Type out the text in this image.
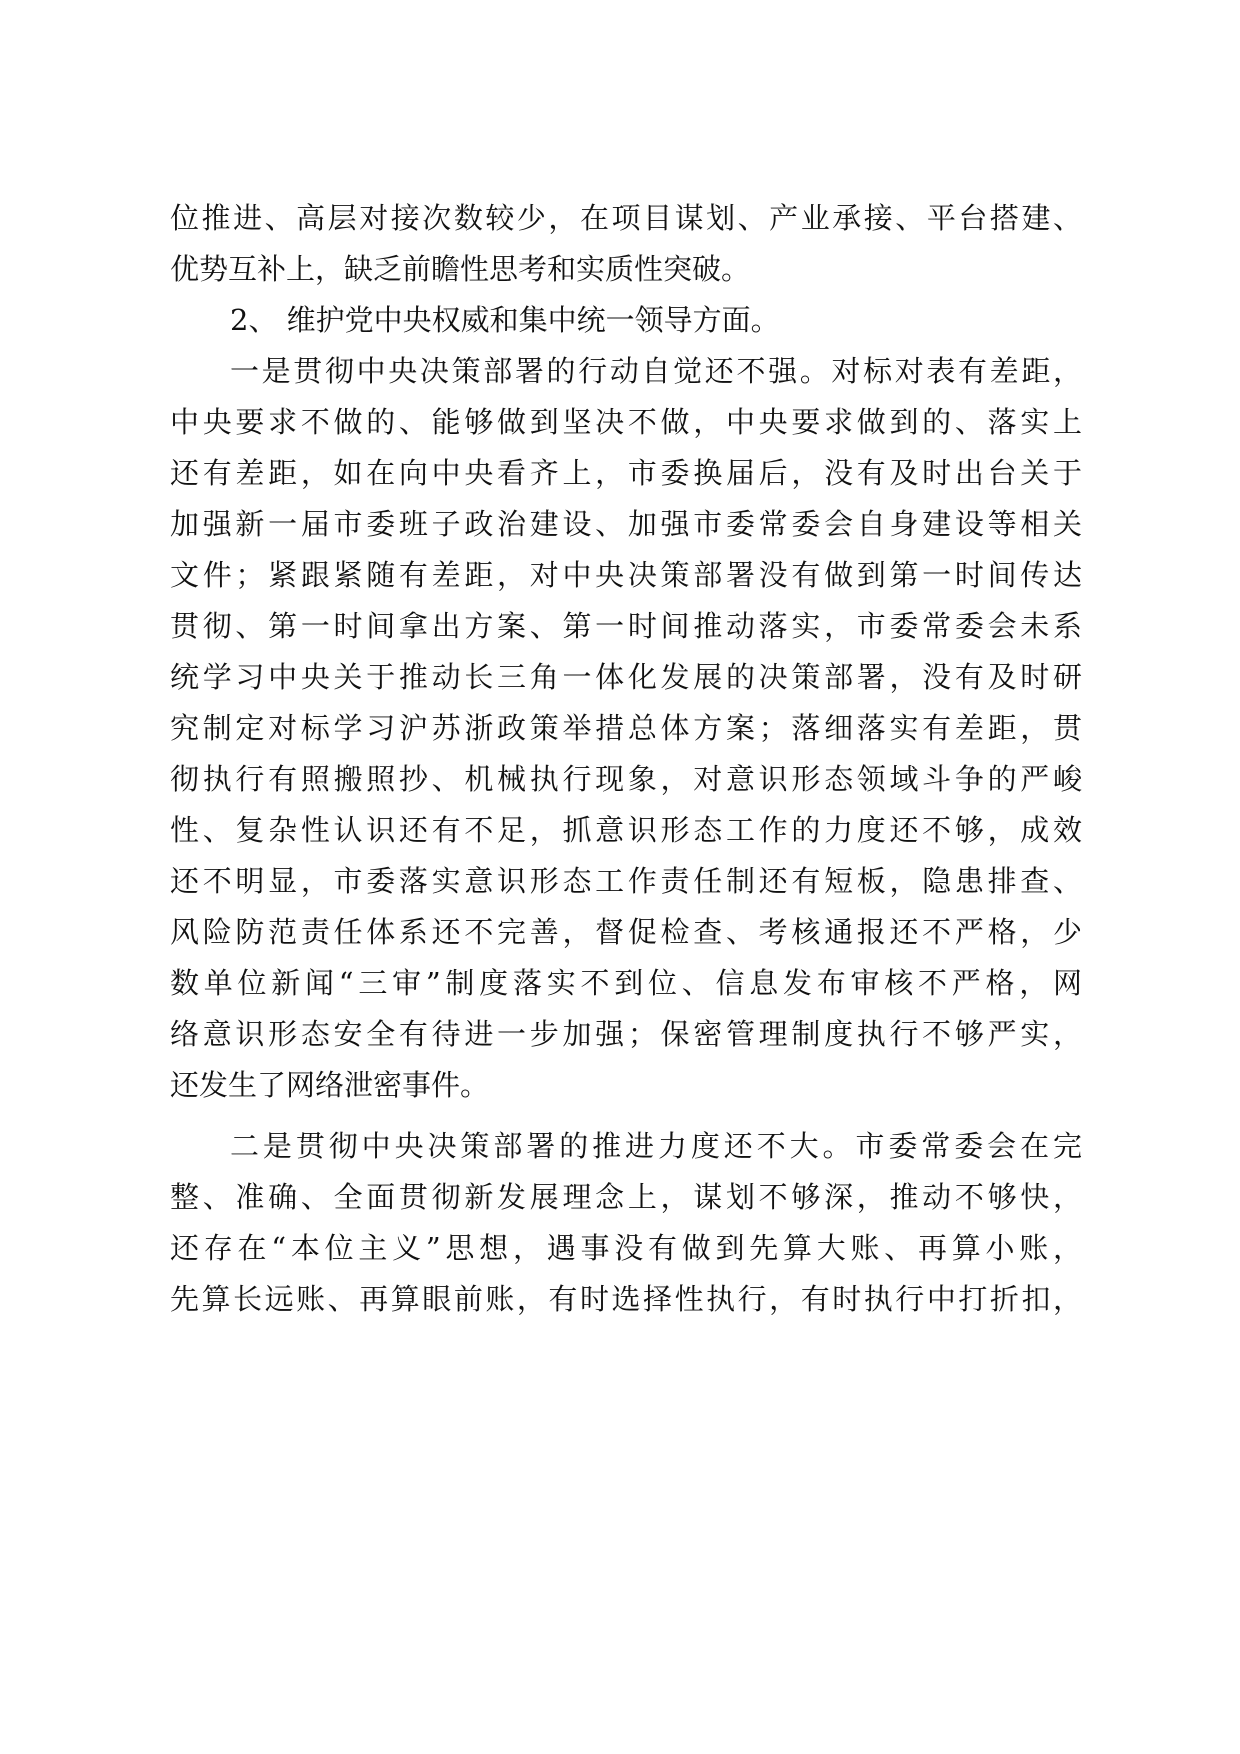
位推进、高层对接次数较少，在项目谋划、产业承接、平台搭建、
优势互补上，缺乏前瞻性思考和实质性突破。
2、 维护党中央权威和集中统一领导方面。
一是贯彻中央决策部署的行动自觉还不强。对标对表有差距，
中央要求不做的、能够做到坚决不做，中央要求做到的、落实上
还有差距，如在向中央看齐上，市委换届后，没有及时出台关于
加强新一届市委班子政治建设、加强市委常委会自身建设等相关
文件；紧跟紧随有差距，对中央决策部署没有做到第一时间传达
贯彻、第一时间拿出方案、第一时间推动落实，市委常委会未系
统学习中央关于推动长三角一体化发展的决策部署，没有及时研
究制定对标学习沪苏浙政策举措总体方案；落细落实有差距，贯
彻执行有照搬照抄、机械执行现象，对意识形态领域斗争的严峻
性、复杂性认识还有不足，抓意识形态工作的力度还不够，成效
还不明显，市委落实意识形态工作责任制还有短板，隐患排查、
风险防范责任体系还不完善，督促检查、考核通报还不严格，少
数单位新闻“三审”制度落实不到位、信息发布审核不严格，网
络意识形态安全有待进一步加强；保密管理制度执行不够严实，
还发生了网络泄密事件。
二是贯彻中央决策部署的推进力度还不大。市委常委会在完
整、准确、全面贯彻新发展理念上，谋划不够深，推动不够快，
还存在“本位主义”思想，遇事没有做到先算大账、再算小账，
先算长远账、再算眼前账，有时选择性执行，有时执行中打折扣，
